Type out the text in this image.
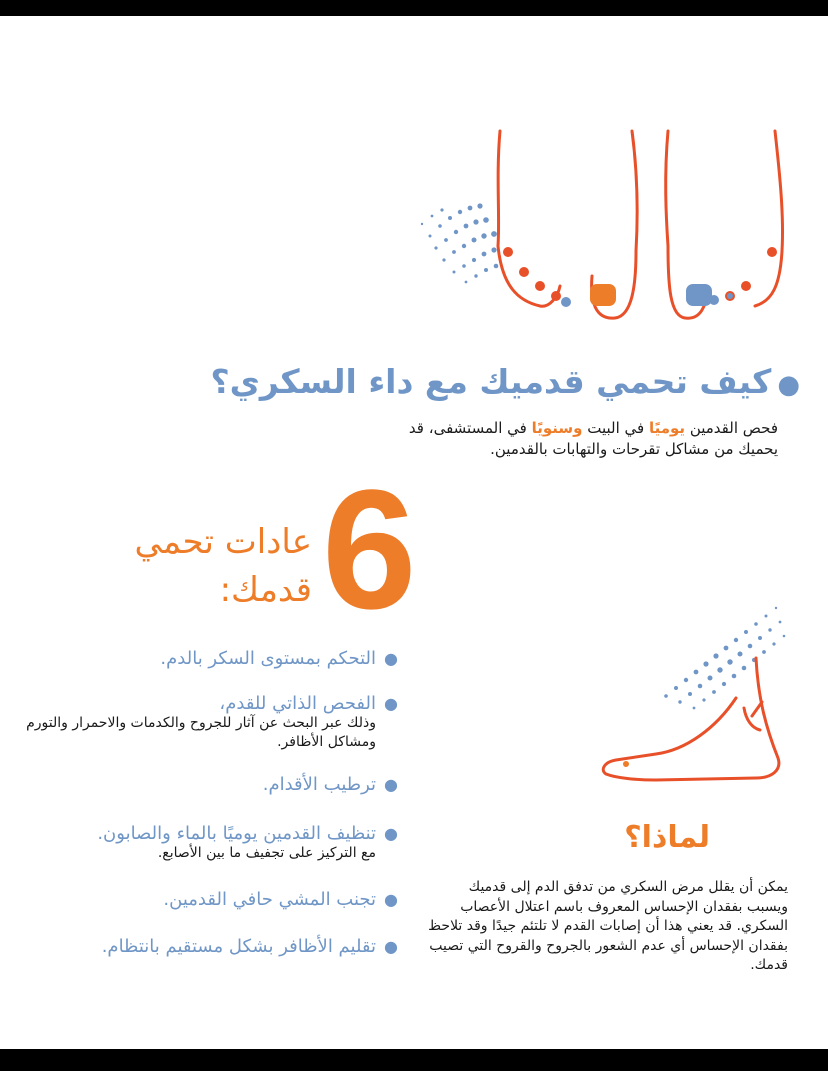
●كيف تحمي قدميك مع داء السكري؟
فحص القدمين يوميًا في البيت وسنويًا في المستشفى، قد يحميك من مشاكل تقرحات والتهابات بالقدمين.
6
عادات تحمي قدمك:
●
التحكم بمستوى السكر بالدم.
●
الفحص الذاتي للقدم،
وذلك عبر البحث عن آثار للجروح والكدمات والاحمرار والتورم ومشاكل الأظافر.
●
ترطيب الأقدام.
●
تنظيف القدمين يوميًا بالماء والصابون.
مع التركيز على تجفيف ما بين الأصابع.
●
تجنب المشي حافي القدمين.
●
تقليم الأظافر بشكل مستقيم بانتظام.
لماذا؟
يمكن أن يقلل مرض السكري من تدفق الدم إلى قدميك ويسبب بفقدان الإحساس المعروف باسم اعتلال الأعصاب السكري. قد يعني هذا أن إصابات القدم لا تلتئم جيدًا وقد تلاحظ بفقدان الإحساس أي عدم الشعور بالجروح والقروح التي تصيب قدمك.
